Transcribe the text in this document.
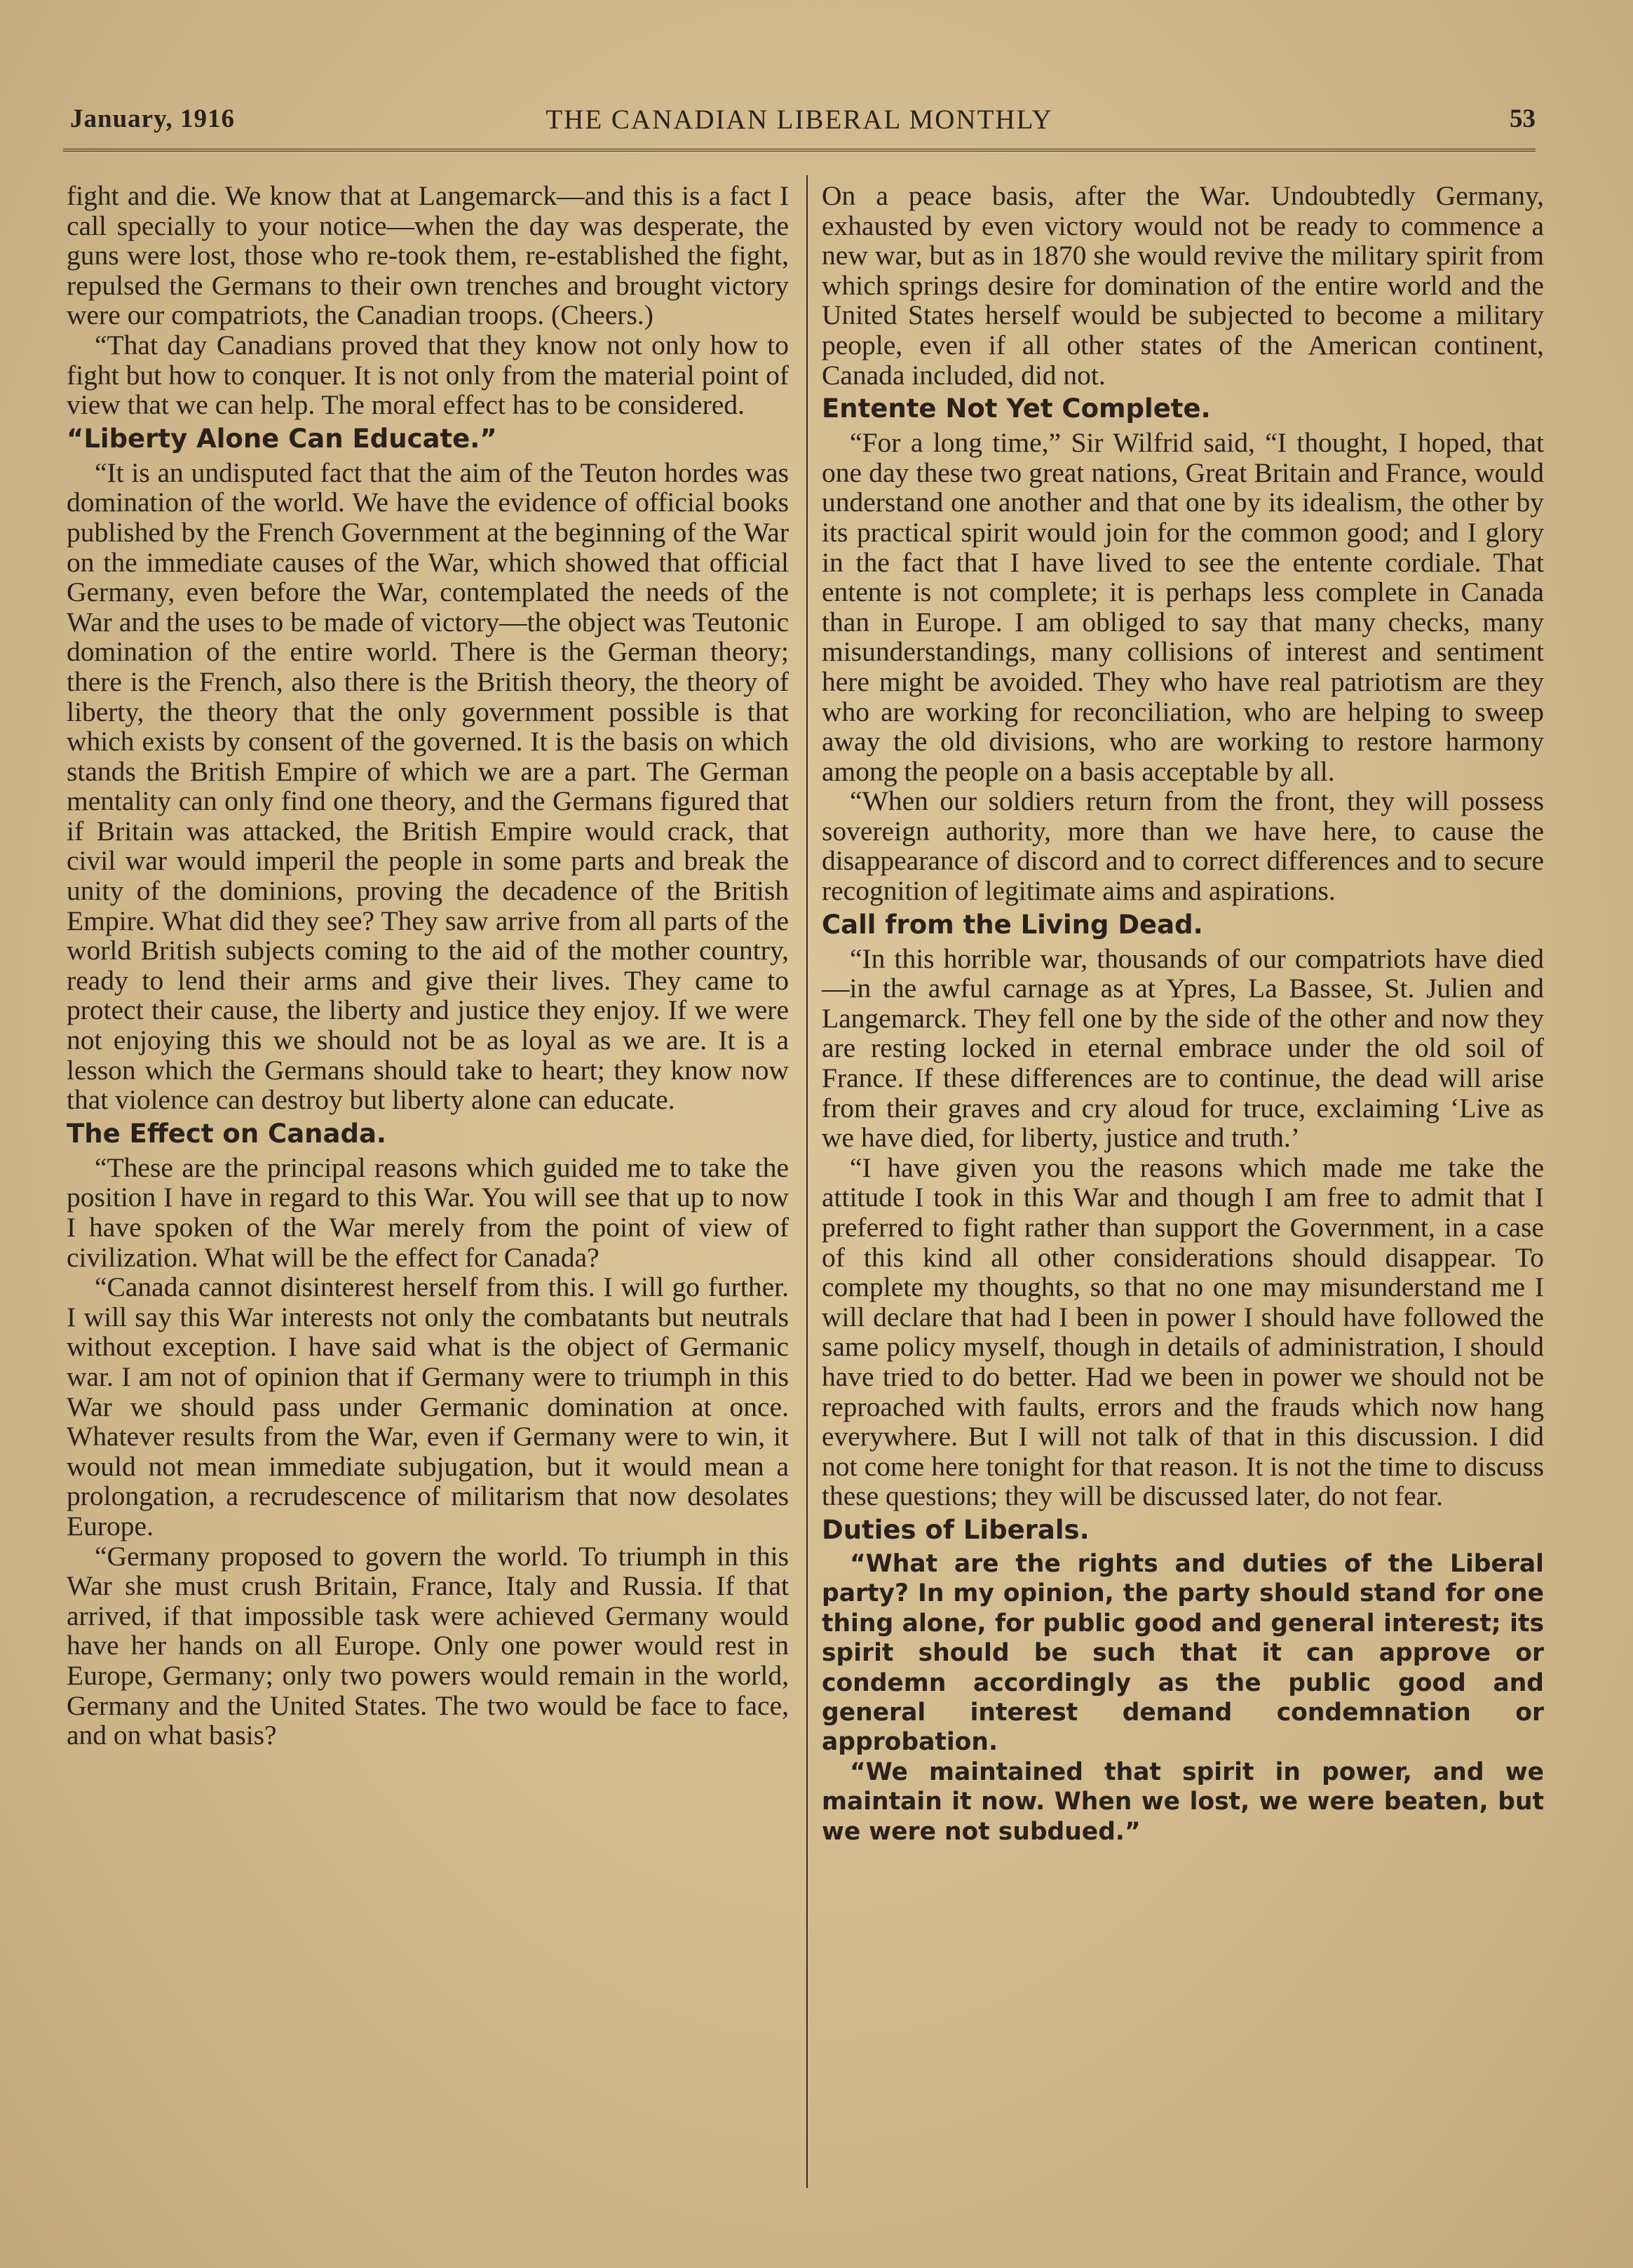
January, 1916	THE CANADIAN LIBERAL MONTHLY	53

fight and die. We know that at Langemarck—and this is a fact I call specially to your notice—when the day was desperate, the guns were lost, those who re-took them, re-established the fight, repulsed the Germans to their own trenches and brought victory were our compatriots, the Canadian troops. (Cheers.)

“That day Canadians proved that they know not only how to fight but how to conquer. It is not only from the material point of view that we can help. The moral effect has to be considered.

“Liberty Alone Can Educate.”

“It is an undisputed fact that the aim of the Teuton hordes was domination of the world. We have the evidence of official books published by the French Government at the beginning of the War on the immediate causes of the War, which showed that official Germany, even before the War, contemplated the needs of the War and the uses to be made of victory—the object was Teutonic domination of the entire world. There is the German theory; there is the French, also there is the British theory, the theory of liberty, the theory that the only government possible is that which exists by consent of the governed. It is the basis on which stands the British Empire of which we are a part. The German mentality can only find one theory, and the Germans figured that if Britain was attacked, the British Empire would crack, that civil war would imperil the people in some parts and break the unity of the dominions, proving the decadence of the British Empire. What did they see? They saw arrive from all parts of the world British subjects coming to the aid of the mother country, ready to lend their arms and give their lives. They came to protect their cause, the liberty and justice they enjoy. If we were not enjoying this we should not be as loyal as we are. It is a lesson which the Germans should take to heart; they know now that violence can destroy but liberty alone can educate.

The Effect on Canada.

“These are the principal reasons which guided me to take the position I have in regard to this War. You will see that up to now I have spoken of the War merely from the point of view of civilization. What will be the effect for Canada?

“Canada cannot disinterest herself from this. I will go further. I will say this War interests not only the combatants but neutrals without exception. I have said what is the object of Germanic war. I am not of opinion that if Germany were to triumph in this War we should pass under Germanic domination at once. Whatever results from the War, even if Germany were to win, it would not mean immediate subjugation, but it would mean a prolongation, a recrudescence of militarism that now desolates Europe.

“Germany proposed to govern the world. To triumph in this War she must crush Britain, France, Italy and Russia. If that arrived, if that impossible task were achieved Germany would have her hands on all Europe. Only one power would rest in Europe, Germany; only two powers would remain in the world, Germany and the United States. The two would be face to face, and on what basis?

On a peace basis, after the War. Undoubtedly Germany, exhausted by even victory would not be ready to commence a new war, but as in 1870 she would revive the military spirit from which springs desire for domination of the entire world and the United States herself would be subjected to become a military people, even if all other states of the American continent, Canada included, did not.

Entente Not Yet Complete.

“For a long time,” Sir Wilfrid said, “I thought, I hoped, that one day these two great nations, Great Britain and France, would understand one another and that one by its idealism, the other by its practical spirit would join for the common good; and I glory in the fact that I have lived to see the entente cordiale. That entente is not complete; it is perhaps less complete in Canada than in Europe. I am obliged to say that many checks, many misunderstandings, many collisions of interest and sentiment here might be avoided. They who have real patriotism are they who are working for reconciliation, who are helping to sweep away the old divisions, who are working to restore harmony among the people on a basis acceptable by all.

“When our soldiers return from the front, they will possess sovereign authority, more than we have here, to cause the disappearance of discord and to correct differences and to secure recognition of legitimate aims and aspirations.

Call from the Living Dead.

“In this horrible war, thousands of our compatriots have died—in the awful carnage as at Ypres, La Bassee, St. Julien and Langemarck. They fell one by the side of the other and now they are resting locked in eternal embrace under the old soil of France. If these differences are to continue, the dead will arise from their graves and cry aloud for truce, exclaiming ‘Live as we have died, for liberty, justice and truth.’

“I have given you the reasons which made me take the attitude I took in this War and though I am free to admit that I preferred to fight rather than support the Government, in a case of this kind all other considerations should disappear. To complete my thoughts, so that no one may misunderstand me I will declare that had I been in power I should have followed the same policy myself, though in details of administration, I should have tried to do better. Had we been in power we should not be reproached with faults, errors and the frauds which now hang everywhere. But I will not talk of that in this discussion. I did not come here tonight for that reason. It is not the time to discuss these questions; they will be discussed later, do not fear.

Duties of Liberals.

“What are the rights and duties of the Liberal party? In my opinion, the party should stand for one thing alone, for public good and general interest; its spirit should be such that it can approve or condemn accordingly as the public good and general interest demand condemnation or approbation.

“We maintained that spirit in power, and we maintain it now. When we lost, we were beaten, but we were not subdued.”
